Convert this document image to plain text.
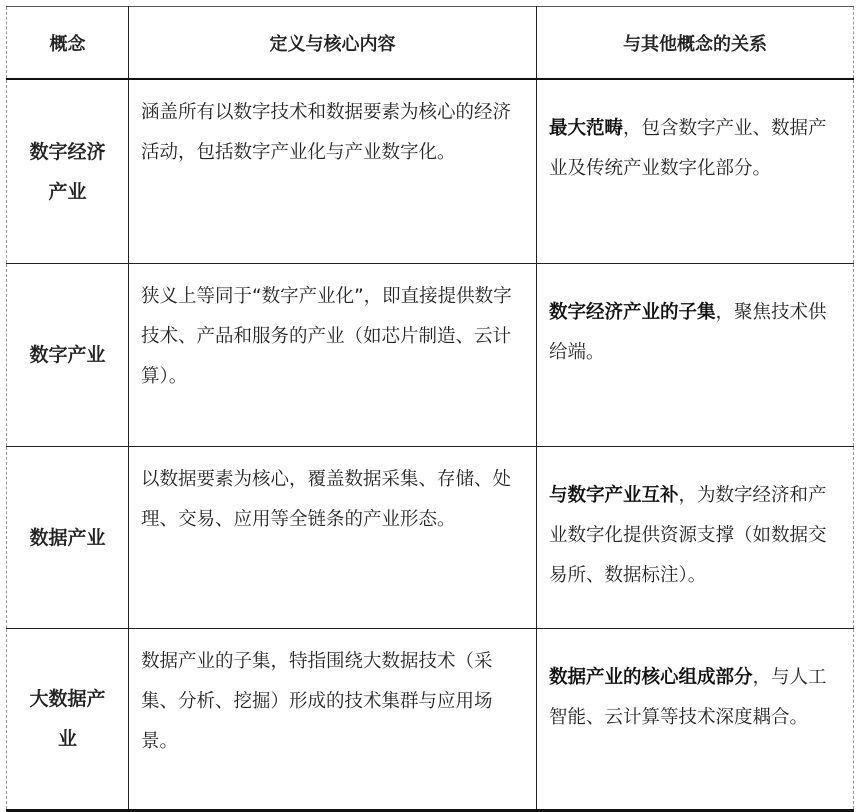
概念	定义与核心内容	与其他概念的关系
数字经济产业	涵盖所有以数字技术和数据要素为核心的经济活动，包括数字产业化与产业数字化。	最大范畴，包含数字产业、数据产业及传统产业数字化部分。
数字产业	狭义上等同于“数字产业化”，即直接提供数字技术、产品和服务的产业（如芯片制造、云计算）。	数字经济产业的子集，聚焦技术供给端。
数据产业	以数据要素为核心，覆盖数据采集、存储、处理、交易、应用等全链条的产业形态。	与数字产业互补，为数字经济和产业数字化提供资源支撑（如数据交易所、数据标注）。
大数据产业	数据产业的子集，特指围绕大数据技术（采集、分析、挖掘）形成的技术集群与应用场景。	数据产业的核心组成部分，与人工智能、云计算等技术深度耦合。
